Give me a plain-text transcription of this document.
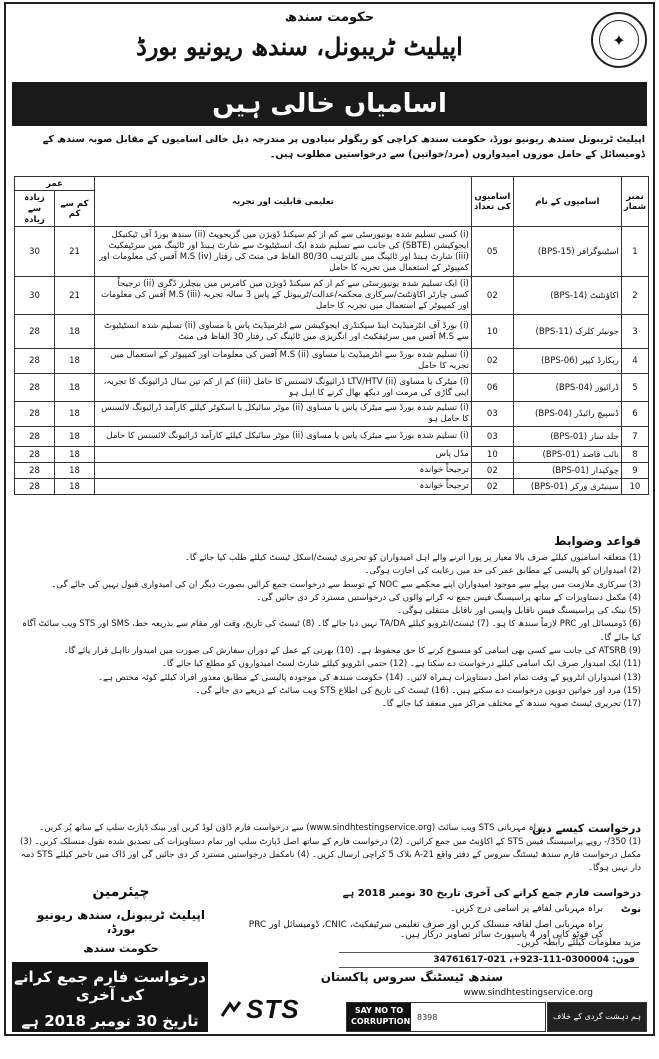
حکومت سندھ
اپیلیٹ ٹریبونل، سندھ ریونیو بورڈ	✦
اسامیاں خالی ہیں
اپیلیٹ ٹریبونل سندھ ریونیو بورڈ، حکومت سندھ کراچی کو ریگولر بنیادوں پر مندرجہ ذیل خالی اسامیوں کے مقابل صوبہ سندھ کے ڈومیسائل کے حامل موزوں امیدواروں (مرد/خواتین) سے درخواستیں مطلوب ہیں۔
نمبر شمار	اسامیوں کے نام	اسامیوں کی تعداد	تعلیمی قابلیت اور تجربہ	عمر	
				کم سے کم	زیادہ سے زیادہ
1	اسٹینوگرافر (BPS-15)	05	(i) کسی تسلیم شدہ یونیورسٹی سے کم از کم سیکنڈ ڈویژن میں گریجویٹ (ii) سندھ بورڈ آف ٹیکنیکل ایجوکیشن (SBTE) کی جانب سے تسلیم شدہ ایک انسٹیٹیوٹ سے شارٹ ہینڈ اور ٹائپنگ میں سرٹیفکیٹ (iii) شارٹ ہینڈ اور ٹائپنگ میں بالترتیب 80/30 الفاظ فی منٹ کی رفتار (iv) M.S آفس کی معلومات اور کمپیوٹر کے استعمال میں تجربہ کا حامل	21	30
2	اکاؤنٹنٹ (BPS-14)	02	(i) ایک تسلیم شدہ یونیورسٹی سے کم از کم سیکنڈ ڈویژن میں کامرس میں بیچلرز ڈگری (ii) ترجیحاً کسی چارٹر اکاؤنٹنٹ/سرکاری محکمہ/عدالت/ٹریبونل کے پاس 3 سالہ تجربہ (iii) M.S آفس کی معلومات اور کمپیوٹر کے استعمال میں تجربہ کا حامل	21	30
3	جونیئر کلرک (BPS-11)	10	(i) بورڈ آف انٹرمیڈیٹ اینڈ سیکنڈری ایجوکیشن سے انٹرمیڈیٹ پاس یا مساوی (ii) تسلیم شدہ انسٹیٹیوٹ سے M.S آفس میں سرٹیفکیٹ اور انگریزی میں ٹائپنگ کی رفتار 30 الفاظ فی منٹ	18	28
4	ریکارڈ کیپر (BPS-06)	02	(i) تسلیم شدہ بورڈ سے انٹرمیڈیٹ یا مساوی (ii) M.S آفس کی معلومات اور کمپیوٹر کے استعمال میں تجربہ کا حامل	18	28
5	ڈرائیور (BPS-04)	06	(i) میٹرک یا مساوی (ii) LTV/HTV ڈرائیونگ لائسنس کا حامل (iii) کم از کم تین سال ڈرائیونگ کا تجربہ، اپنی گاڑی کی مرمت اور دیکھ بھال کرنے کا اہل ہو	18	28
6	ڈسپیچ رائیڈر (BPS-04)	03	(i) تسلیم شدہ بورڈ سے میٹرک پاس یا مساوی (ii) موٹر سائیکل یا اسکوٹر کیلئے کارآمد ڈرائیونگ لائسنس کا حامل ہو	18	28
7	جلد ساز (BPS-01)	03	(i) تسلیم شدہ بورڈ سے میٹرک پاس یا مساوی (ii) موٹر سائیکل کیلئے کارآمد ڈرائیونگ لائسنس کا حامل	18	28
8	نائب قاصد (BPS-01)	10	مڈل پاس	18	28
9	چوکیدار (BPS-01)	02	ترجیحاً خواندہ	18	28
10	سینیٹری ورکر (BPS-01)	02	ترجیحاً خواندہ	18	28
قواعد وضوابط
(1) متعلقہ اسامیوں کیلئے صرف بالا معیار پر پورا اترنے والے اہل امیدواران کو تحریری ٹیسٹ/اسکل ٹیسٹ کیلئے طلب کیا جائے گا۔
(2) امیدواران کو پالیسی کے مطابق عمر کی حد میں رعایت کی اجازت ہوگی۔
(3) سرکاری ملازمت میں پہلے سے موجود امیدواران اپنے محکمے سے NOC کے توسط سے درخواست جمع کرائیں بصورت دیگر ان کی امیدواری قبول نہیں کی جائے گی۔
(4) مکمل دستاویزات کے ساتھ پراسیسنگ فیس جمع نہ کرانے والوں کی درخواستیں مسترد کر دی جائیں گی۔
(5) بینک کی پراسیسنگ فیس ناقابل واپسی اور ناقابل منتقلی ہوگی۔
(6) ڈومیسائل اور PRC لازماً سندھ کا ہو۔ (7) ٹیسٹ/انٹرویو کیلئے TA/DA نہیں دیا جائے گا۔ (8) ٹیسٹ کی تاریخ، وقت اور مقام سے بذریعہ خط، SMS اور STS ویب سائٹ آگاہ کیا جائے گا۔
(9) ATSRB کی جانب سے کسی بھی اسامی کو منسوخ کرنے کا حق محفوظ ہے۔ (10) بھرتی کے عمل کے دوران سفارش کی صورت میں امیدوار نااہل قرار پائے گا۔
(11) ایک امیدوار صرف ایک اسامی کیلئے درخواست دے سکتا ہے۔ (12) حتمی انٹرویو کیلئے شارٹ لسٹ امیدواروں کو مطلع کیا جائے گا۔
(13) امیدواران انٹرویو کے وقت تمام اصل دستاویزات ہمراہ لائیں۔ (14) حکومت سندھ کی موجودہ پالیسی کے مطابق معذور افراد کیلئے کوٹہ مختص ہے۔
(15) مرد اور خواتین دونوں درخواست دے سکتے ہیں۔ (16) ٹیسٹ کی تاریخ کی اطلاع STS ویب سائٹ کے ذریعے دی جائے گی۔
(17) تحریری ٹیسٹ صوبہ سندھ کے مختلف مراکز میں منعقد کیا جائے گا۔
درخواست کیسے دیں
براہ مہربانی STS ویب سائٹ (www.sindhtestingservice.org) سے درخواست فارم ڈاؤن لوڈ کریں اور بینک ڈپازٹ سلپ کے ساتھ پُر کریں۔
(1) 350/- روپے پراسیسنگ فیس STS کے اکاؤنٹ میں جمع کرائیں۔ (2) درخواست فارم کے ساتھ اصل ڈپازٹ سلپ اور تمام دستاویزات کی تصدیق شدہ نقول منسلک کریں۔ (3) مکمل درخواست فارم سندھ ٹیسٹنگ سروس کے دفتر واقع A-21 بلاک 5 کراچی ارسال کریں۔ (4) نامکمل درخواستیں مسترد کر دی جائیں گی اور ڈاک میں تاخیر کیلئے STS ذمہ دار نہیں ہوگا۔
درخواست فارم جمع کرانے کی آخری تاریخ 30 نومبر 2018 ہے
نوٹ
براہ مہربانی لفافے پر اسامی درج کریں۔
براہ مہربانی اصل لفافہ منسلک کریں اور صرف تعلیمی سرٹیفکیٹ، CNIC، ڈومیسائل اور PRC کی فوٹو کاپی اور 4 پاسپورٹ سائز تصاویر درکار ہیں۔
مزید معلومات کیلئے رابطہ کریں۔
چیئرمین
اپیلیٹ ٹریبونل، سندھ ریونیو بورڈ،
حکومت سندھ
فون: 0300004-111-923+، 021-34761617
سندھ ٹیسٹنگ سروس پاکستان
www.sindhtestingservice.org
درخواست فارم جمع کرانے کی آخری
تاریخ 30 نومبر 2018 ہے	STS	SAY NO TO CORRUPTION 8398	ہم دہشت گردی کے خلاف متحد ہیں
